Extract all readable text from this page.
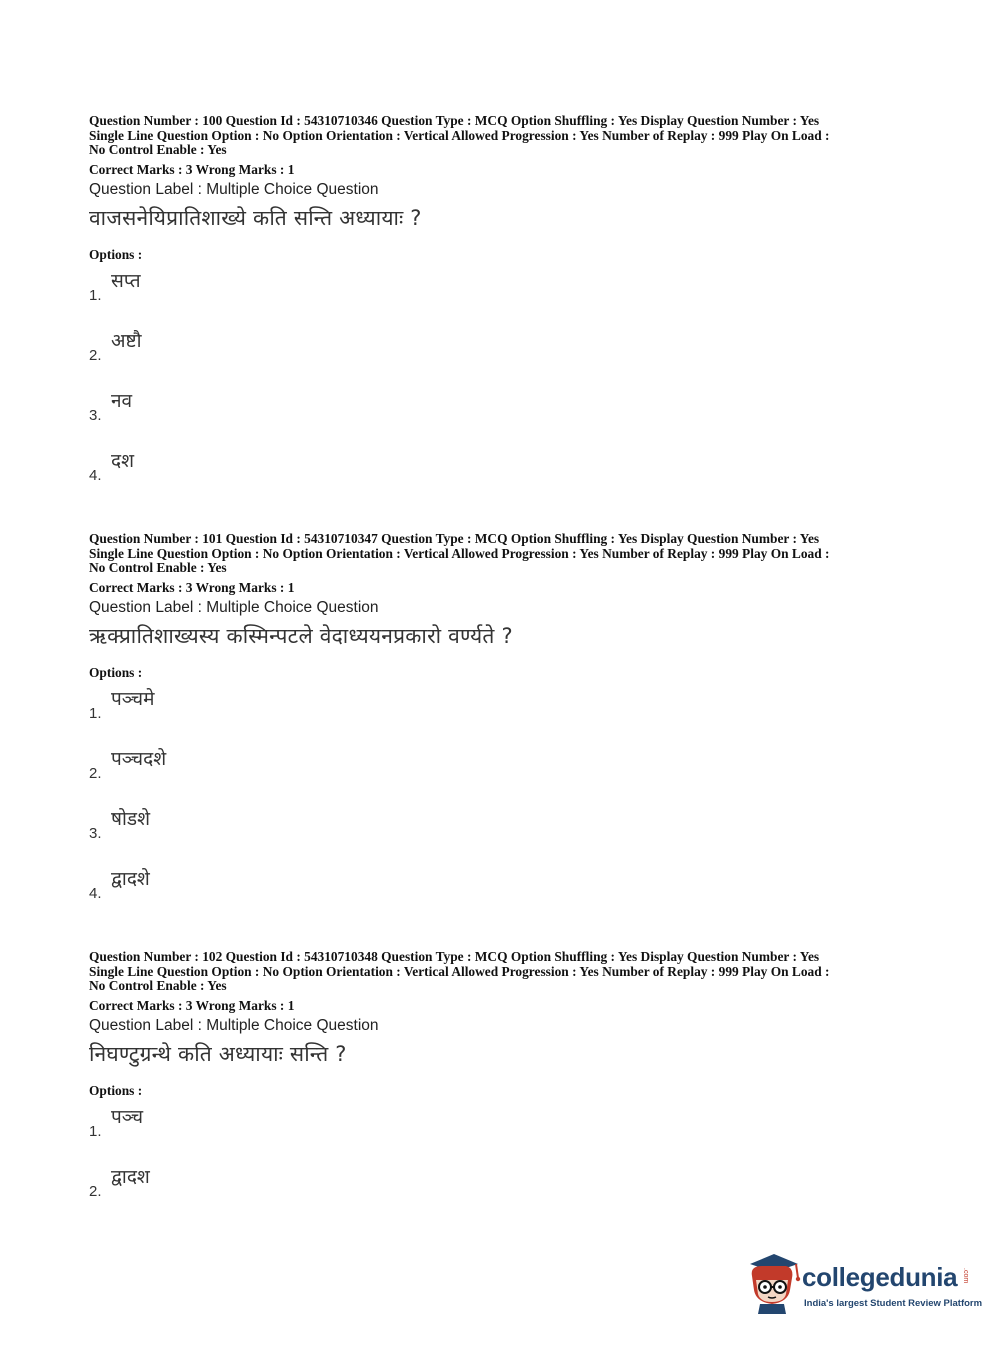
Question Number : 100 Question Id : 54310710346 Question Type : MCQ Option Shuffling : Yes Display Question Number : Yes
Single Line Question Option : No Option Orientation : Vertical Allowed Progression : Yes Number of Replay : 999 Play On Load :
No Control Enable : Yes
Correct Marks : 3 Wrong Marks : 1
Question Label : Multiple Choice Question
वाजसनेयिप्रातिशाख्ये कति सन्ति अध्यायाः ?
Options :
1.
सप्त
2.
अष्टौ
3.
नव
4.
दश
Question Number : 101 Question Id : 54310710347 Question Type : MCQ Option Shuffling : Yes Display Question Number : Yes
Single Line Question Option : No Option Orientation : Vertical Allowed Progression : Yes Number of Replay : 999 Play On Load :
No Control Enable : Yes
Correct Marks : 3 Wrong Marks : 1
Question Label : Multiple Choice Question
ऋक्प्रातिशाख्यस्य कस्मिन्पटले वेदाध्ययनप्रकारो वर्ण्यते ?
Options :
1.
पञ्चमे
2.
पञ्चदशे
3.
षोडशे
4.
द्वादशे
Question Number : 102 Question Id : 54310710348 Question Type : MCQ Option Shuffling : Yes Display Question Number : Yes
Single Line Question Option : No Option Orientation : Vertical Allowed Progression : Yes Number of Replay : 999 Play On Load :
No Control Enable : Yes
Correct Marks : 3 Wrong Marks : 1
Question Label : Multiple Choice Question
निघण्टुग्रन्थे कति अध्यायाः सन्ति ?
Options :
1.
पञ्च
2.
द्वादश
collegedunia .com
India's largest Student Review Platform
